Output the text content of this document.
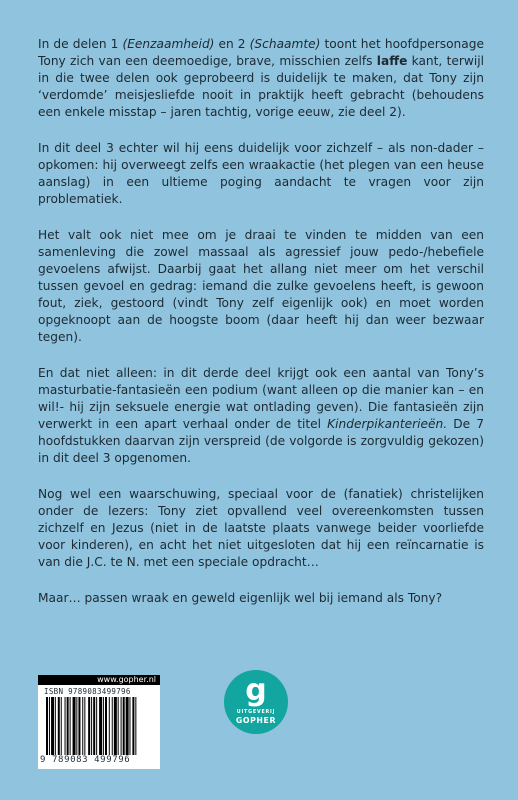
In de delen 1 (Eenzaamheid) en 2 (Schaamte) toont het hoofdpersonage Tony zich van een deemoedige, brave, misschien zelfs laffe kant, terwijl in die twee delen ook geprobeerd is duidelijk te maken, dat Tony zijn ‘verdomde’ meisjesliefde nooit in praktijk heeft gebracht (behoudens een enkele misstap – jaren tachtig, vorige eeuw, zie deel 2).

In dit deel 3 echter wil hij eens duidelijk voor zichzelf – als non-dader – opkomen: hij overweegt zelfs een wraakactie (het plegen van een heuse aanslag) in een ultieme poging aandacht te vragen voor zijn problematiek.

Het valt ook niet mee om je draai te vinden te midden van een samenleving die zowel massaal als agressief jouw pedo-/hebefiele gevoelens afwijst. Daarbij gaat het allang niet meer om het verschil tussen gevoel en gedrag: iemand die zulke gevoelens heeft, is gewoon fout, ziek, gestoord (vindt Tony zelf eigenlijk ook) en moet worden opgeknoopt aan de hoogste boom (daar heeft hij dan weer bezwaar tegen).

En dat niet alleen: in dit derde deel krijgt ook een aantal van Tony’s masturbatie-fantasieën een podium (want alleen op die manier kan – en wil!- hij zijn seksuele energie wat ontlading geven). Die fantasieën zijn verwerkt in een apart verhaal onder de titel Kinderpikanterieën. De 7 hoofdstukken daarvan zijn verspreid (de volgorde is zorgvuldig gekozen) in dit deel 3 opgenomen.

Nog wel een waarschuwing, speciaal voor de (fanatiek) christelijken onder de lezers: Tony ziet opvallend veel overeenkomsten tussen zichzelf en Jezus (niet in de laatste plaats vanwege beider voorliefde voor kinderen), en acht het niet uitgesloten dat hij een reïncarnatie is van die J.C. te N. met een speciale opdracht…

Maar… passen wraak en geweld eigenlijk wel bij iemand als Tony?

www.gopher.nl
ISBN 9789083499796
9 789083 499796
g
UITGEVERIJ
GOPHER
